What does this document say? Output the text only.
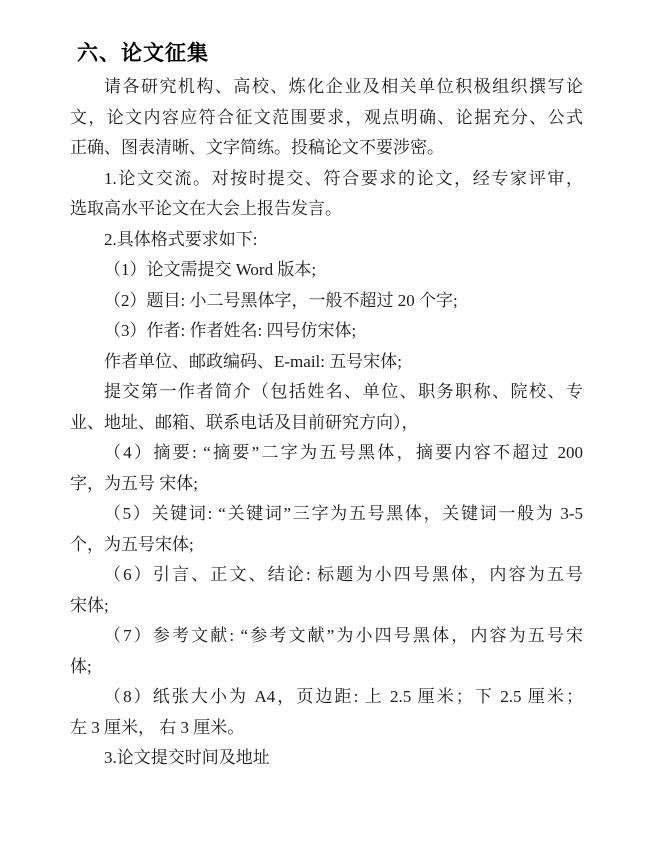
六、论文征集
请各研究机构、高校、炼化企业及相关单位积极组织撰写论
文，论文内容应符合征文范围要求，观点明确、论据充分、公式
正确、图表清晰、文字简练。投稿论文不要涉密。
1.论文交流。对按时提交、符合要求的论文，经专家评审，
选取高水平论文在大会上报告发言。
2.具体格式要求如下:
（1）论文需提交 Word 版本;
（2）题目: 小二号黑体字，一般不超过 20 个字;
（3）作者: 作者姓名: 四号仿宋体;
作者单位、邮政编码、E-mail: 五号宋体;
提交第一作者简介（包括姓名、单位、职务职称、院校、专
业、地址、邮箱、联系电话及目前研究方向），
（4）摘要: “摘要”二字为五号黑体，摘要内容不超过 200
字，为五号 宋体;
（5）关键词: “关键词”三字为五号黑体，关键词一般为 3-5
个，为五号宋体;
（6）引言、正文、结论: 标题为小四号黑体，内容为五号
宋体;
（7）参考文献: “参考文献”为小四号黑体，内容为五号宋
体;
（8）纸张大小为 A4，页边距: 上 2.5 厘米；下 2.5 厘米；
左 3 厘米， 右 3 厘米。
3.论文提交时间及地址
